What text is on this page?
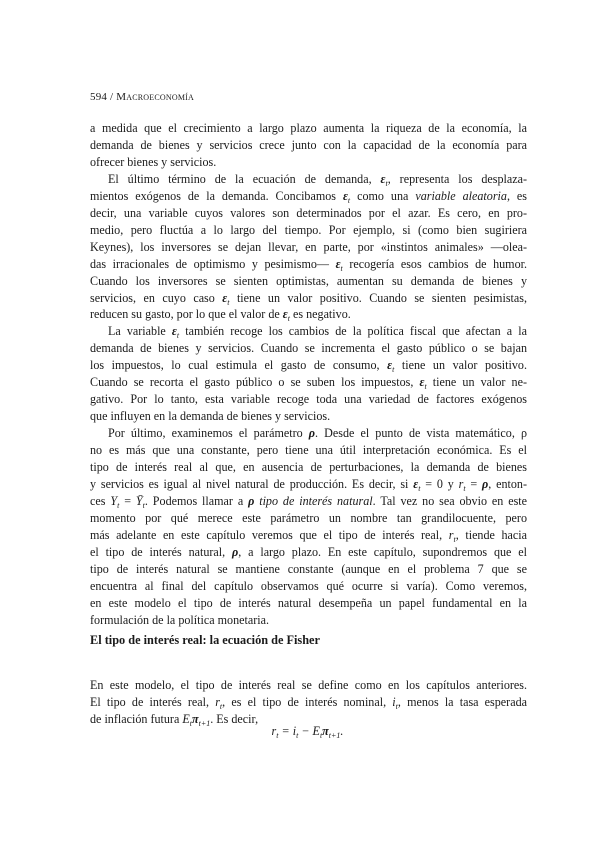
594 / Macroeconomía

a medida que el crecimiento a largo plazo aumenta la riqueza de la economía, la
demanda de bienes y servicios crece junto con la capacidad de la economía para
ofrecer bienes y servicios.

El último término de la ecuación de demanda, $\varepsilon_t$, representa los desplaza-
mientos exógenos de la demanda. Concibamos $\varepsilon_t$ como una variable aleatoria, es
decir, una variable cuyos valores son determinados por el azar. Es cero, en pro-
medio, pero fluctúa a lo largo del tiempo. Por ejemplo, si (como bien sugiriera
Keynes), los inversores se dejan llevar, en parte, por «instintos animales» —olea-
das irracionales de optimismo y pesimismo— $\varepsilon_t$ recogería esos cambios de humor.
Cuando los inversores se sienten optimistas, aumentan su demanda de bienes y
servicios, en cuyo caso $\varepsilon_t$ tiene un valor positivo. Cuando se sienten pesimistas,
reducen su gasto, por lo que el valor de $\varepsilon_t$ es negativo.

La variable $\varepsilon_t$ también recoge los cambios de la política fiscal que afectan a la
demanda de bienes y servicios. Cuando se incrementa el gasto público o se bajan
los impuestos, lo cual estimula el gasto de consumo, $\varepsilon_t$ tiene un valor positivo.
Cuando se recorta el gasto público o se suben los impuestos, $\varepsilon_t$ tiene un valor ne-
gativo. Por lo tanto, esta variable recoge toda una variedad de factores exógenos
que influyen en la demanda de bienes y servicios.

Por último, examinemos el parámetro ρ. Desde el punto de vista matemático, ρ
no es más que una constante, pero tiene una útil interpretación económica. Es el
tipo de interés real al que, en ausencia de perturbaciones, la demanda de bienes
y servicios es igual al nivel natural de producción. Es decir, si $\varepsilon_t = 0$ y $r_t = \rho$, enton-
ces $Y_t$ = $Ȳ_t$. Podemos llamar a ρ tipo de interés natural. Tal vez no sea obvio en este
momento por qué merece este parámetro un nombre tan grandilocuente, pero
más adelante en este capítulo veremos que el tipo de interés real, $r_t$, tiende hacia
el tipo de interés natural, ρ, a largo plazo. En este capítulo, supondremos que el
tipo de interés natural se mantiene constante (aunque en el problema 7 que se
encuentra al final del capítulo observamos qué ocurre si varía). Como veremos,
en este modelo el tipo de interés natural desempeña un papel fundamental en la
formulación de la política monetaria.

El tipo de interés real: la ecuación de Fisher

En este modelo, el tipo de interés real se define como en los capítulos anteriores.
El tipo de interés real, $r_t$, es el tipo de interés nominal, $i_t$, menos la tasa esperada
de inflación futura $E_t\pi_{t+1}$. Es decir,

$r_t = i_t - E_t\pi_{t+1}$.
